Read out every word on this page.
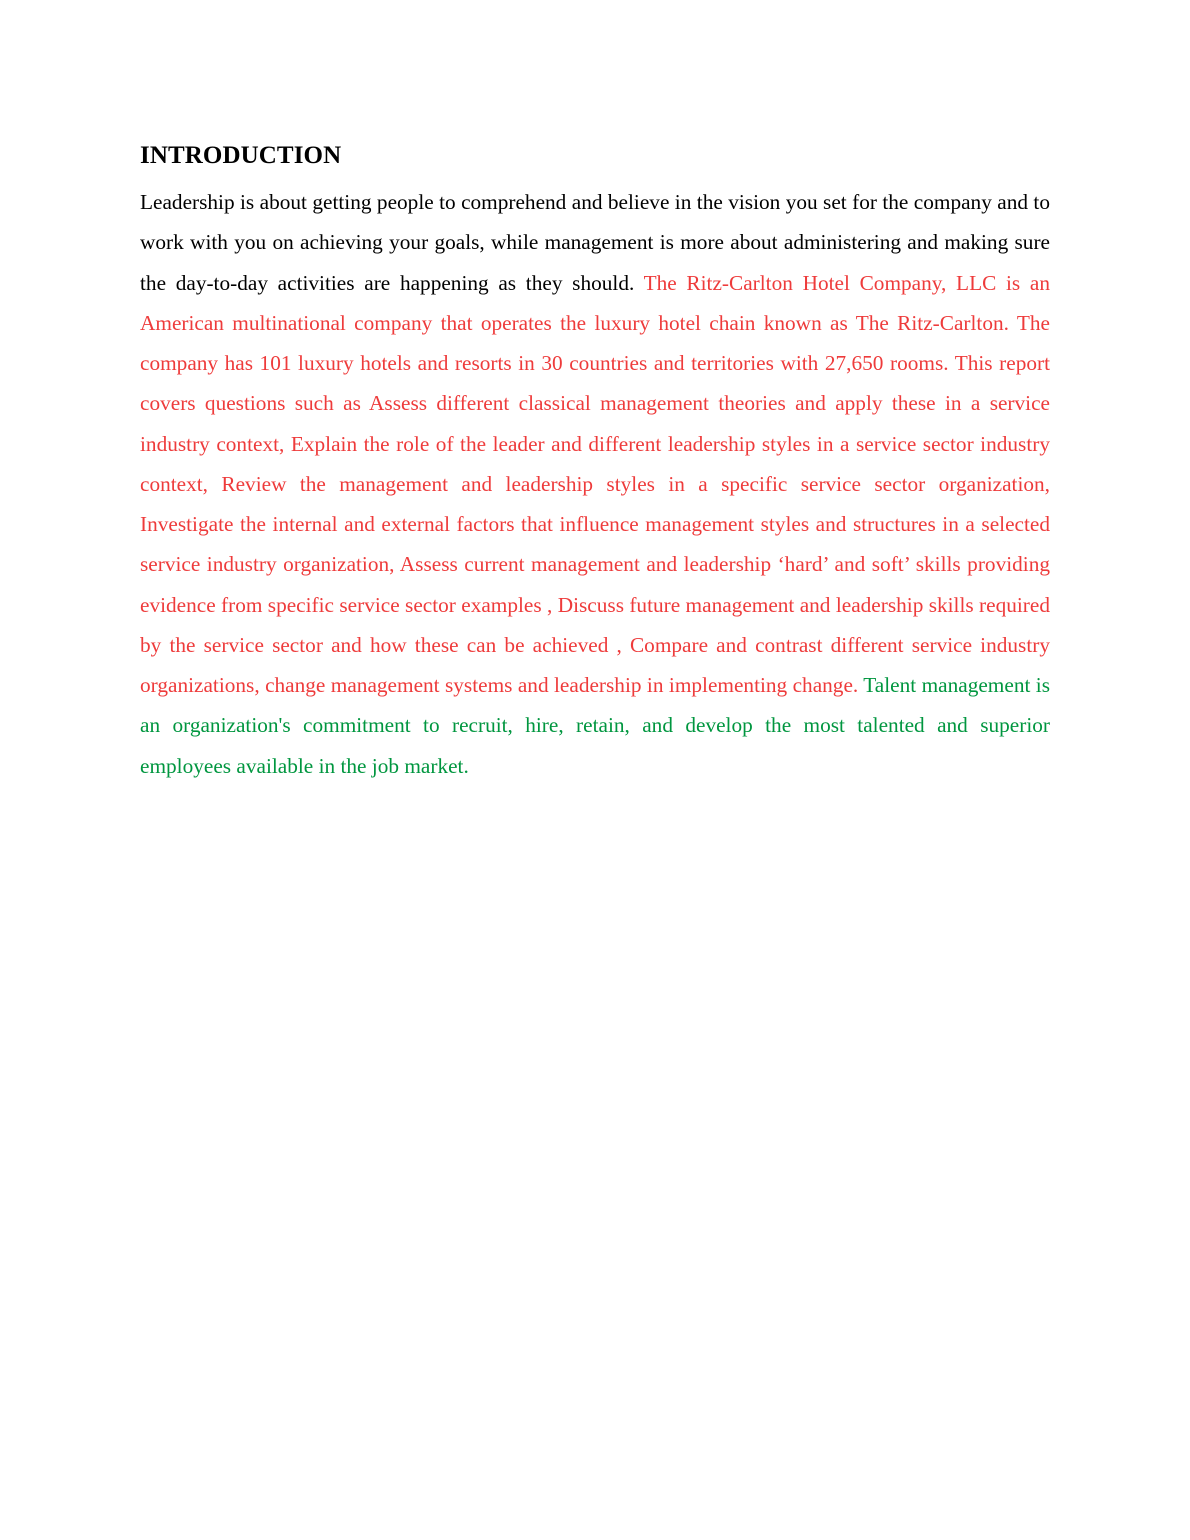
INTRODUCTION

Leadership is about getting people to comprehend and believe in the vision you set for the company and to work with you on achieving your goals, while management is more about administering and making sure the day-to-day activities are happening as they should. The Ritz-Carlton Hotel Company, LLC is an American multinational company that operates the luxury hotel chain known as The Ritz-Carlton. The company has 101 luxury hotels and resorts in 30 countries and territories with 27,650 rooms. This report covers questions such as Assess different classical management theories and apply these in a service industry context, Explain the role of the leader and different leadership styles in a service sector industry context, Review the management and leadership styles in a specific service sector organization, Investigate the internal and external factors that influence management styles and structures in a selected service industry organization, Assess current management and leadership ‘hard’ and soft’ skills providing evidence from specific service sector examples , Discuss future management and leadership skills required by the service sector and how these can be achieved , Compare and contrast different service industry organizations, change management systems and leadership in implementing change. Talent management is an organization's commitment to recruit, hire, retain, and develop the most talented and superior employees available in the job market.
